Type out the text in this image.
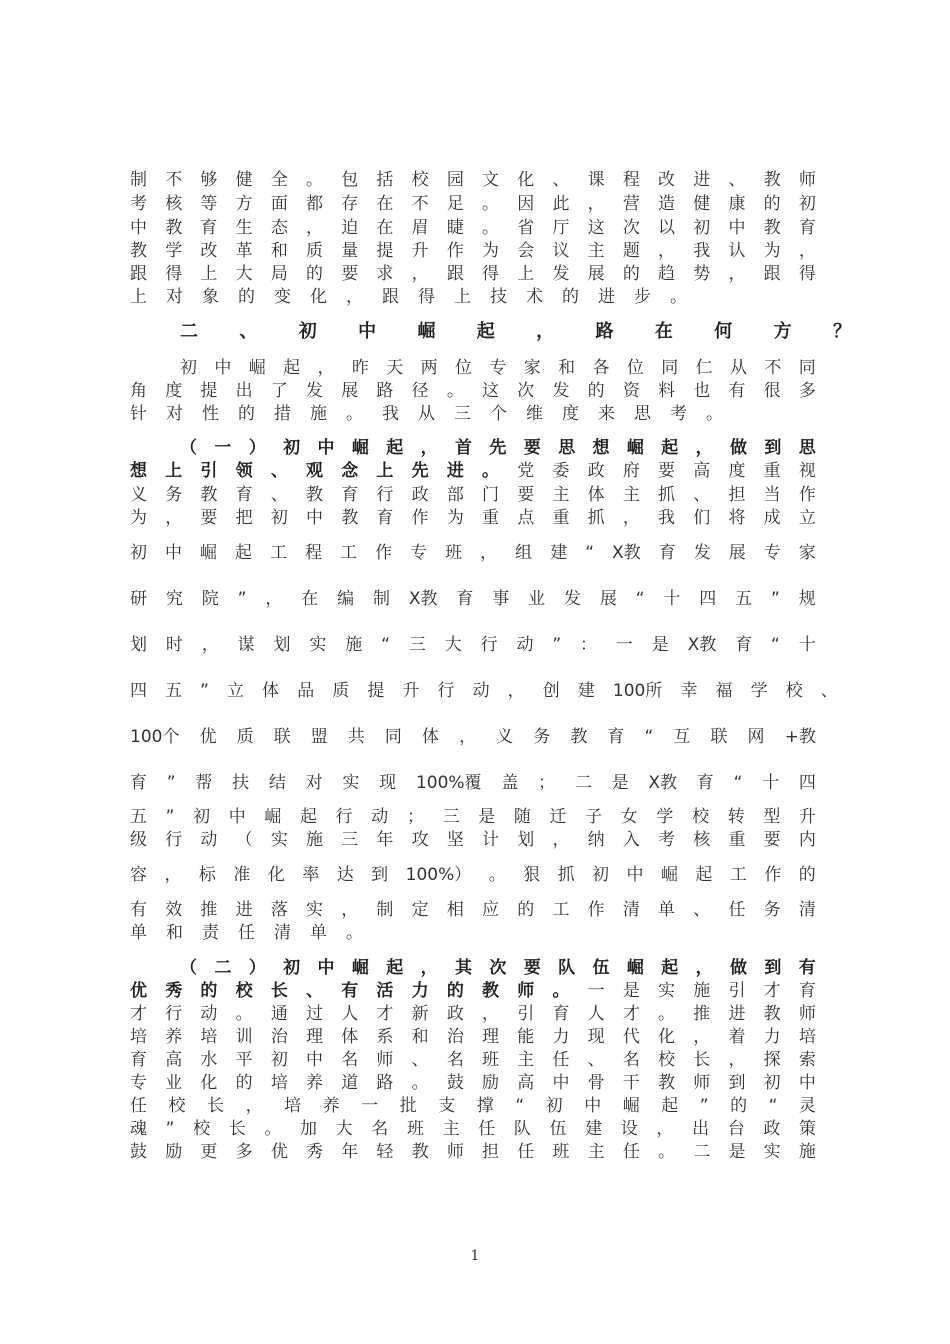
制 不 够 健 全 。 包 括 校 园 文 化 、 课 程 改 进 、 教 师
考 核 等 方 面 都 存 在 不 足 。 因 此 ， 营 造 健 康 的 初
中 教 育 生 态 ， 迫 在 眉 睫 。 省 厅 这 次 以 初 中 教 育
教 学 改 革 和 质 量 提 升 作 为 会 议 主 题 ， 我 认 为 ，
跟 得 上 大 局 的 要 求 ， 跟 得 上 发 展 的 趋 势 ， 跟 得
上 对 象 的 变 化 ， 跟 得 上 技 术 的 进 步 。
二 、 初 中 崛 起 ， 路 在 何 方 ？
初 中 崛 起 ， 昨 天 两 位 专 家 和 各 位 同 仁 从 不 同
角 度 提 出 了 发 展 路 径 。 这 次 发 的 资 料 也 有 很 多
针 对 性 的 措 施 。 我 从 三 个 维 度 来 思 考 。
（ 一 ） 初 中 崛 起 ， 首 先 要 思 想 崛 起 ， 做 到 思
想 上 引 领 、 观 念 上 先 进 。 党 委 政 府 要 高 度 重 视
义 务 教 育 、 教 育 行 政 部 门 要 主 体 主 抓 、 担 当 作
为 ， 要 把 初 中 教 育 作 为 重 点 重 抓 ， 我 们 将 成 立
初 中 崛 起 工 程 工 作 专 班 ， 组 建 “ X教 育 发 展 专 家
研 究 院 ” ， 在 编 制 X教 育 事 业 发 展 “ 十 四 五 ” 规
划 时 ， 谋 划 实 施 “ 三 大 行 动 ” ： 一 是 X教 育 “ 十
四 五 ” 立 体 品 质 提 升 行 动 ， 创 建 100所 幸 福 学 校 、
100个 优 质 联 盟 共 同 体 ， 义 务 教 育 “ 互 联 网 +教
育 ” 帮 扶 结 对 实 现 100%覆 盖 ； 二 是 X教 育 “ 十 四
五 ” 初 中 崛 起 行 动 ； 三 是 随 迁 子 女 学 校 转 型 升
级 行 动 （ 实 施 三 年 攻 坚 计 划 ， 纳 入 考 核 重 要 内
容 ， 标 准 化 率 达 到 100%） 。 狠 抓 初 中 崛 起 工 作 的
有 效 推 进 落 实 ， 制 定 相 应 的 工 作 清 单 、 任 务 清
单 和 责 任 清 单 。
（ 二 ） 初 中 崛 起 ， 其 次 要 队 伍 崛 起 ， 做 到 有
优 秀 的 校 长 、 有 活 力 的 教 师 。 一 是 实 施 引 才 育
才 行 动 。 通 过 人 才 新 政 ， 引 育 人 才 。 推 进 教 师
培 养 培 训 治 理 体 系 和 治 理 能 力 现 代 化 ， 着 力 培
育 高 水 平 初 中 名 师 、 名 班 主 任 、 名 校 长 ， 探 索
专 业 化 的 培 养 道 路 。 鼓 励 高 中 骨 干 教 师 到 初 中
任 校 长 ， 培 养 一 批 支 撑 “ 初 中 崛 起 ” 的 “ 灵
魂 ” 校 长 。 加 大 名 班 主 任 队 伍 建 设 ， 出 台 政 策
鼓 励 更 多 优 秀 年 轻 教 师 担 任 班 主 任 。 二 是 实 施
1
